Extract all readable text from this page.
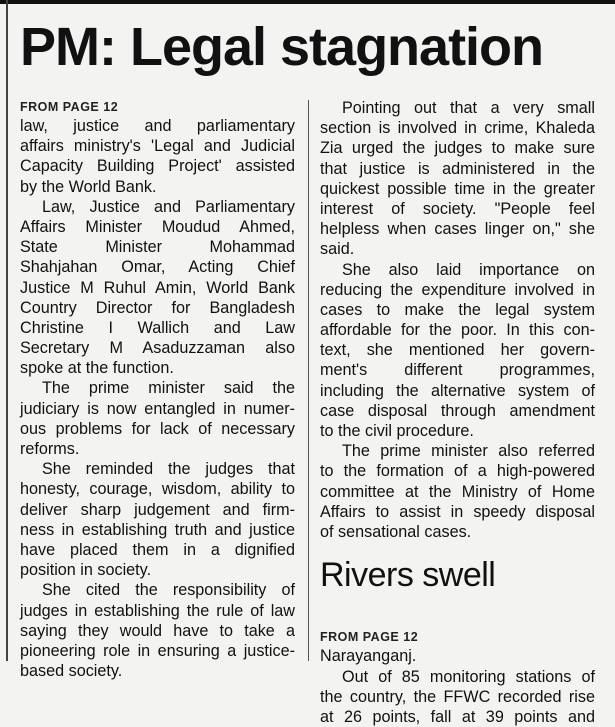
PM: Legal stagnation
FROM PAGE 12
law, justice and parliamentary
affairs ministry's 'Legal and Judicial
Capacity Building Project' assisted
by the World Bank.
Law, Justice and Parliamentary
Affairs Minister Moudud Ahmed,
State Minister Mohammad
Shahjahan Omar, Acting Chief
Justice M Ruhul Amin, World Bank
Country Director for Bangladesh
Christine I Wallich and Law
Secretary M Asaduzzaman also
spoke at the function.
The prime minister said the
judiciary is now entangled in numer-
ous problems for lack of necessary
reforms.
She reminded the judges that
honesty, courage, wisdom, ability to
deliver sharp judgement and firm-
ness in establishing truth and justice
have placed them in a dignified
position in society.
She cited the responsibility of
judges in establishing the rule of law
saying they would have to take a
pioneering role in ensuring a justice-
based society.
Pointing out that a very small
section is involved in crime, Khaleda
Zia urged the judges to make sure
that justice is administered in the
quickest possible time in the greater
interest of society. "People feel
helpless when cases linger on," she
said.
She also laid importance on
reducing the expenditure involved in
cases to make the legal system
affordable for the poor. In this con-
text, she mentioned her govern-
ment's different programmes,
including the alternative system of
case disposal through amendment
to the civil procedure.
The prime minister also referred
to the formation of a high-powered
committee at the Ministry of Home
Affairs to assist in speedy disposal
of sensational cases.
Rivers swell
FROM PAGE 12
Narayanganj.
Out of 85 monitoring stations of
the country, the FFWC recorded rise
at 26 points, fall at 39 points and
